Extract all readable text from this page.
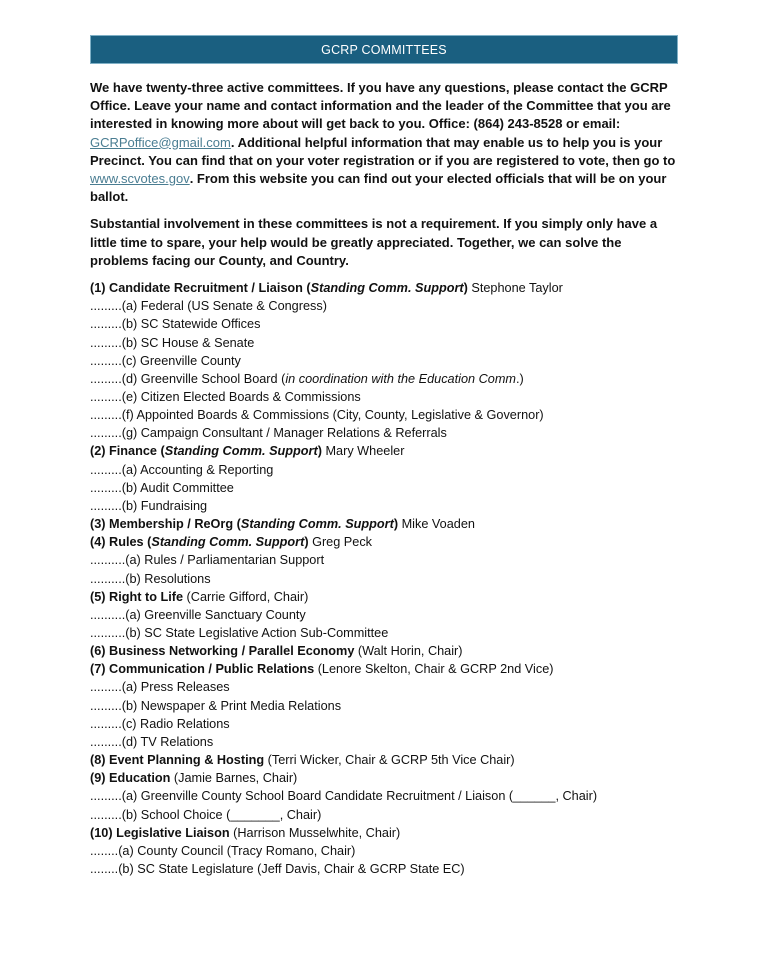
GCRP COMMITTEES

We have twenty-three active committees. If you have any questions, please contact the GCRP Office. Leave your name and contact information and the leader of the Committee that you are interested in knowing more about will get back to you. Office: (864) 243-8528 or email: GCRPoffice@gmail.com. Additional helpful information that may enable us to help you is your Precinct. You can find that on your voter registration or if you are registered to vote, then go to www.scvotes.gov. From this website you can find out your elected officials that will be on your ballot.

Substantial involvement in these committees is not a requirement. If you simply only have a little time to spare, your help would be greatly appreciated. Together, we can solve the problems facing our County, and Country.

(1) Candidate Recruitment / Liaison (Standing Comm. Support) Stephone Taylor
.........(a) Federal (US Senate & Congress)
.........(b) SC Statewide Offices
.........(b) SC House & Senate
.........(c) Greenville County
.........(d) Greenville School Board (in coordination with the Education Comm.)
.........(e) Citizen Elected Boards & Commissions
.........(f) Appointed Boards & Commissions (City, County, Legislative & Governor)
.........(g) Campaign Consultant / Manager Relations & Referrals
(2) Finance (Standing Comm. Support) Mary Wheeler
.........(a) Accounting & Reporting
.........(b) Audit Committee
.........(b) Fundraising
(3) Membership / ReOrg (Standing Comm. Support) Mike Voaden
(4) Rules (Standing Comm. Support) Greg Peck
..........(a) Rules / Parliamentarian Support
..........(b) Resolutions
(5) Right to Life (Carrie Gifford, Chair)
..........(a) Greenville Sanctuary County
..........(b) SC State Legislative Action Sub-Committee
(6) Business Networking / Parallel Economy (Walt Horin, Chair)
(7) Communication / Public Relations (Lenore Skelton, Chair & GCRP 2nd Vice)
.........(a) Press Releases
.........(b) Newspaper & Print Media Relations
.........(c) Radio Relations
.........(d) TV Relations
(8) Event Planning & Hosting (Terri Wicker, Chair & GCRP 5th Vice Chair)
(9) Education (Jamie Barnes, Chair)
.........(a) Greenville County School Board Candidate Recruitment / Liaison (______, Chair)
.........(b) School Choice (_______, Chair)
(10) Legislative Liaison (Harrison Musselwhite, Chair)
........(a) County Council (Tracy Romano, Chair)
........(b) SC State Legislature (Jeff Davis, Chair & GCRP State EC)
